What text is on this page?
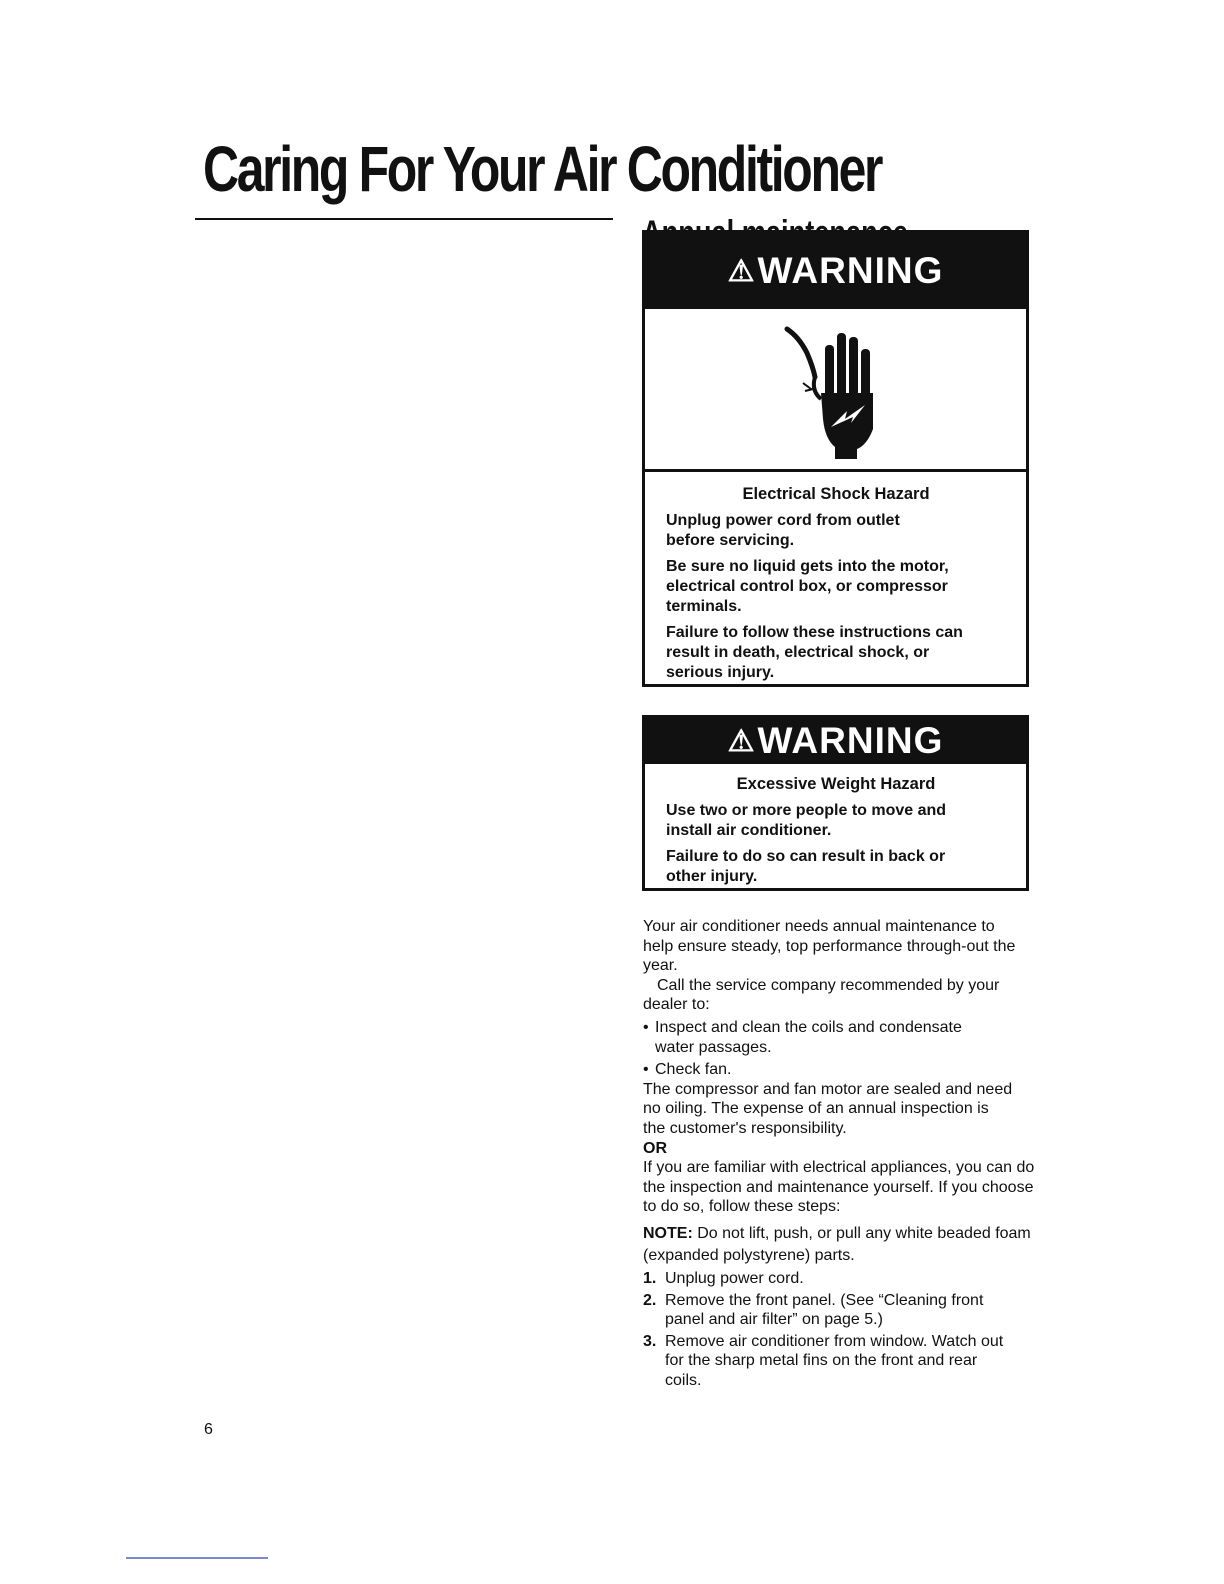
Caring For Your Air Conditioner
⚠WARNING
Electrical Shock Hazard

Unplug power cord from outlet before servicing.

Be sure no liquid gets into the motor, electrical control box, or compressor terminals.

Failure to follow these instructions can result in death, electrical shock, or serious injury.

⚠WARNING
Excessive Weight Hazard

Use two or more people to move and install air conditioner.

Failure to do so can result in back or other injury.

Your air conditioner needs annual maintenance to help ensure steady, top performance through-out the year.

Call the service company recommended by your dealer to:

• Inspect and clean the coils and condensate water passages.
• Check fan.

The compressor and fan motor are sealed and need no oiling. The expense of an annual inspection is the customer's responsibility.

OR

If you are familiar with electrical appliances, you can do the inspection and maintenance yourself. If you choose to do so, follow these steps:

NOTE: Do not lift, push, or pull any white beaded foam (expanded polystyrene) parts.

1. Unplug power cord.
2. Remove the front panel. (See “Cleaning front panel and air filter” on page 5.)
3. Remove air conditioner from window. Watch out for the sharp metal fins on the front and rear coils.
6
